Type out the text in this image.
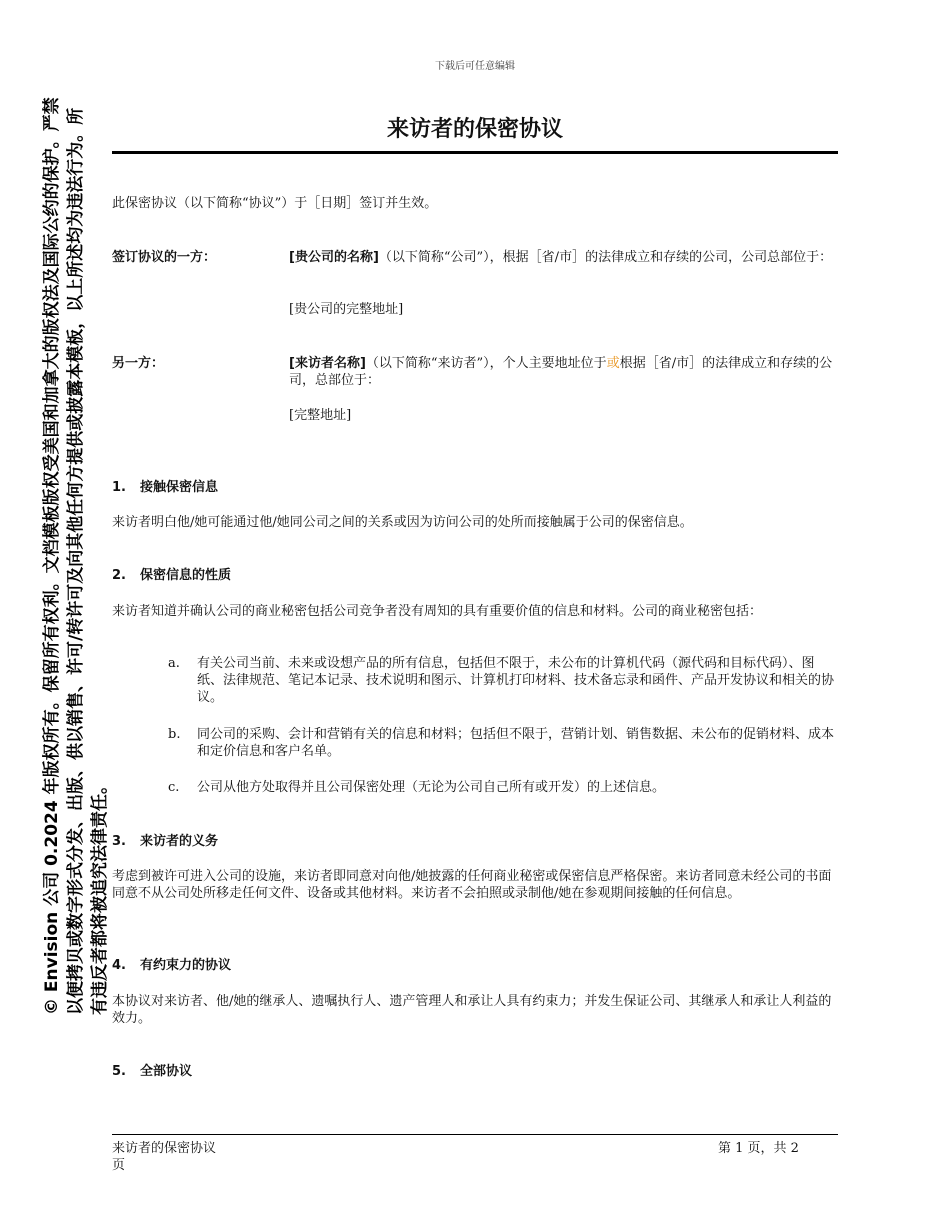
下载后可任意编辑
来访者的保密协议
此保密协议（以下简称“协议”）于［日期］签订并生效。
签订协议的一方：	[贵公司的名称]（以下简称“公司”），根据［省/市］的法律成立和存续的公司，公司总部位于：
[贵公司的完整地址]
另一方：	[来访者名称]（以下简称“来访者”），个人主要地址位于或根据［省/市］的法律成立和存续的公司，总部位于：
[完整地址]
1. 接触保密信息
来访者明白他/她可能通过他/她同公司之间的关系或因为访问公司的处所而接触属于公司的保密信息。
2. 保密信息的性质
来访者知道并确认公司的商业秘密包括公司竞争者没有周知的具有重要价值的信息和材料。公司的商业秘密包括：
a. 有关公司当前、未来或设想产品的所有信息，包括但不限于，未公布的计算机代码（源代码和目标代码）、图纸、法律规范、笔记本记录、技术说明和图示、计算机打印材料、技术备忘录和函件、产品开发协议和相关的协议。
b. 同公司的采购、会计和营销有关的信息和材料；包括但不限于，营销计划、销售数据、未公布的促销材料、成本和定价信息和客户名单。
c. 公司从他方处取得并且公司保密处理（无论为公司自己所有或开发）的上述信息。
3. 来访者的义务
考虑到被许可进入公司的设施，来访者即同意对向他/她披露的任何商业秘密或保密信息严格保密。来访者同意未经公司的书面同意不从公司处所移走任何文件、设备或其他材料。来访者不会拍照或录制他/她在参观期间接触的任何信息。
4. 有约束力的协议
本协议对来访者、他/她的继承人、遗嘱执行人、遗产管理人和承让人具有约束力；并发生保证公司、其继承人和承让人利益的效力。
5. 全部协议
来访者的保密协议	第 1 页，共 2
页
© Envision 公司 0.2024 年版权所有。保留所有权利。文档模板版权受美国和加拿大的版权法及国际公约的保护。严禁 以便拷贝或数字形式分发、出版、供以销售、许可/转许可及向其他任何方提供或披露本模板，以上所述均为违法行为。所 有违反者都将被追究法律责任。
